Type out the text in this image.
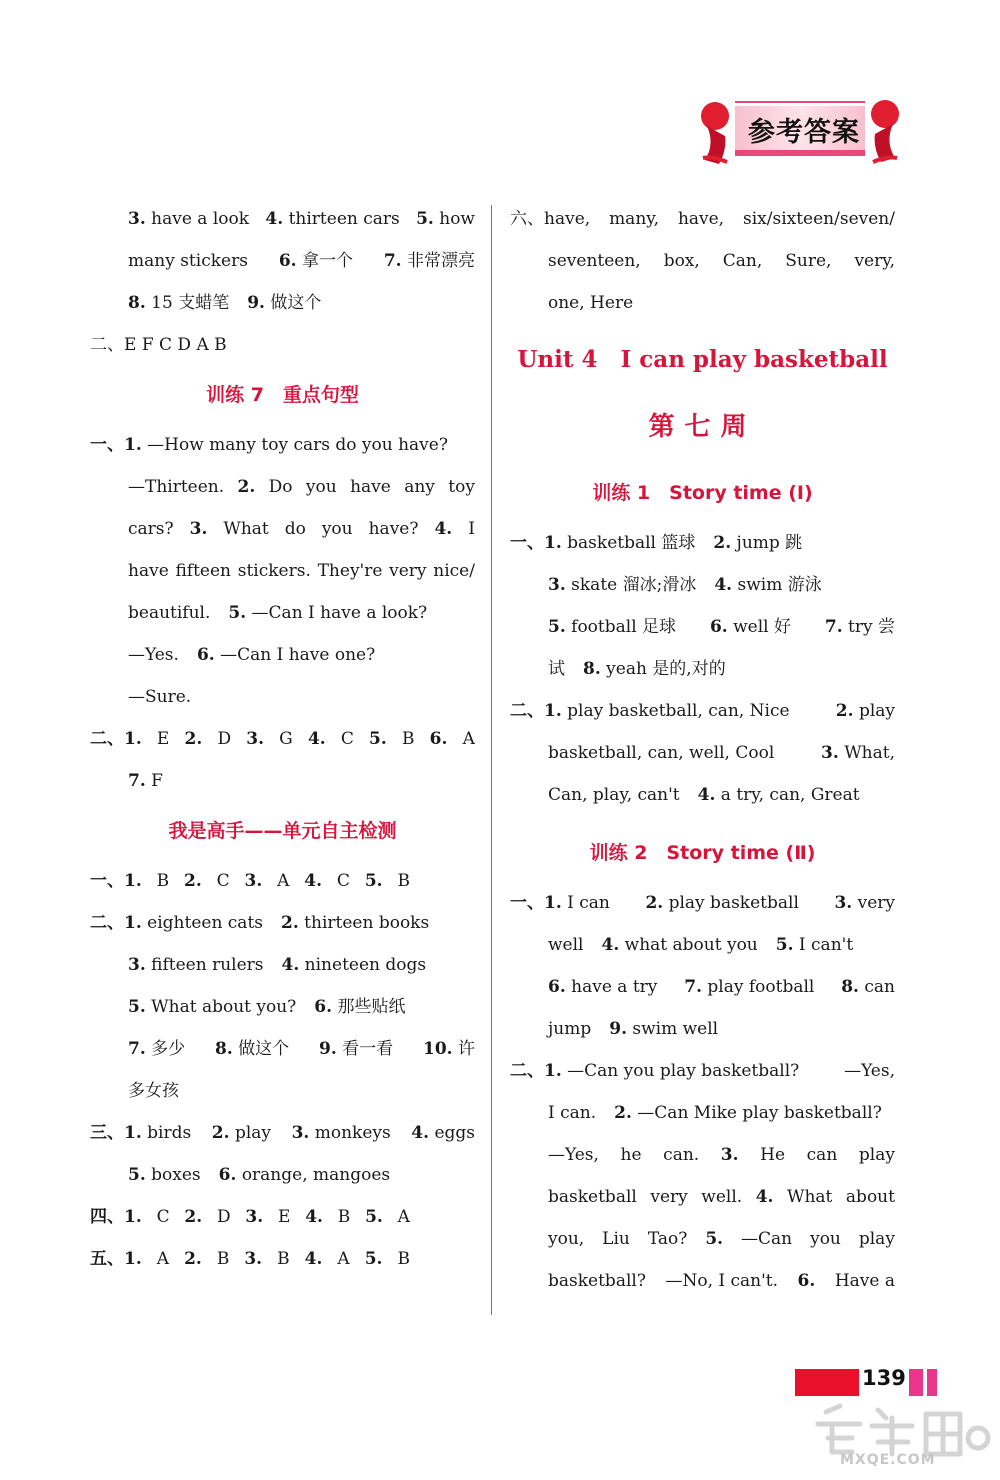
参考答案
3. have a look 4. thirteen cars 5. how
many stickers 6. 拿一个 7. 非常漂亮
8. 15 支蜡笔 9. 做这个
二、E F C D A B
训练 7　重点句型
一、1. —How many toy cars do you have?
—Thirteen. 2. Do you have any toy
cars? 3. What do you have? 4. I
have fifteen stickers. They're very nice/
beautiful. 5. —Can I have a look?
—Yes. 6. —Can I have one?
—Sure.
二、1. E 2. D 3. G 4. C 5. B 6. A
7. F
我是高手——单元自主检测
一、1. B 2. C 3. A 4. C 5. B
二、1. eighteen cats 2. thirteen books
3. fifteen rulers 4. nineteen dogs
5. What about you? 6. 那些贴纸
7. 多少 8. 做这个 9. 看一看 10. 许
多女孩
三、1. birds 2. play 3. monkeys 4. eggs
5. boxes 6. orange, mangoes
四、1. C 2. D 3. E 4. B 5. A
五、1. A 2. B 3. B 4. A 5. B
六、have, many, have, six/sixteen/seven/
seventeen, box, Can, Sure, very,
one, Here
Unit 4　I can play basketball
第七周
训练 1　Story time (Ⅰ)
一、1. basketball 篮球 2. jump 跳
3. skate 溜冰;滑冰 4. swim 游泳
5. football 足球 6. well 好 7. try 尝
试 8. yeah 是的,对的
二、1. play basketball, can, Nice	2. play
basketball, can, well, Cool	3. What,
Can, play, can't 4. a try, can, Great
训练 2　Story time (Ⅱ)
一、1. I can 2. play basketball 3. very
well 4. what about you 5. I can't
6. have a try 7. play football 8. can
jump 9. swim well
二、1. —Can you play basketball?	—Yes,
I can. 2. —Can Mike play basketball?
—Yes, he can. 3. He can play
basketball very well. 4. What about
you, Liu Tao? 5. —Can you play
basketball? —No, I can't. 6. Have a
139
MXQE.COM
